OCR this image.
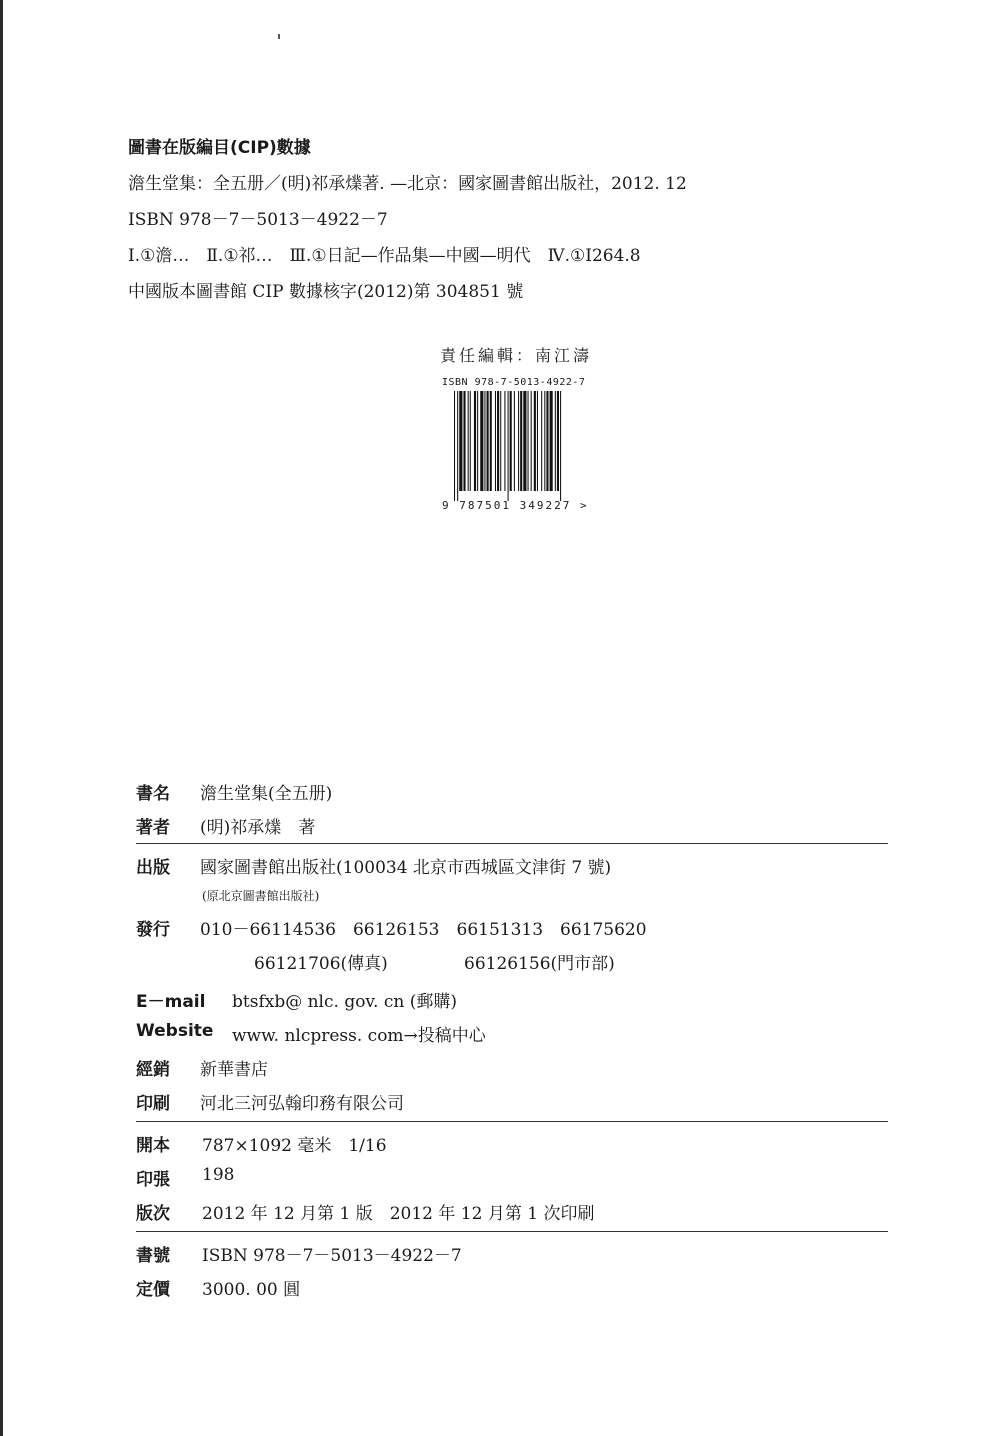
圖書在版編目(CIP)數據
澹生堂集：全五册／(明)祁承㸁著. —北京：國家圖書館出版社，2012. 12
ISBN 978－7－5013－4922－7
Ⅰ.①澹…　Ⅱ.①祁…　Ⅲ.①日記—作品集—中國—明代　Ⅳ.①I264.8
中國版本圖書館 CIP 數據核字(2012)第 304851 號
責任編輯：南江濤
ISBN 978-7-5013-4922-7
9 787501 349227 >
書名 澹生堂集(全五册)
著者 (明)祁承㸁　著
出版 國家圖書館出版社(100034 北京市西城區文津街 7 號)
(原北京圖書館出版社)
發行 010－66114536　66126153　66151313　66175620
66121706(傳真)	66126156(門市部)
E－mail btsfxb@ nlc. gov. cn (郵購)
Website www. nlcpress. com→投稿中心
經銷 新華書店
印刷 河北三河弘翰印務有限公司
開本 787×1092 毫米　1/16
印張 198
版次 2012 年 12 月第 1 版　2012 年 12 月第 1 次印刷
書號 ISBN 978－7－5013－4922－7
定價 3000. 00 圓
